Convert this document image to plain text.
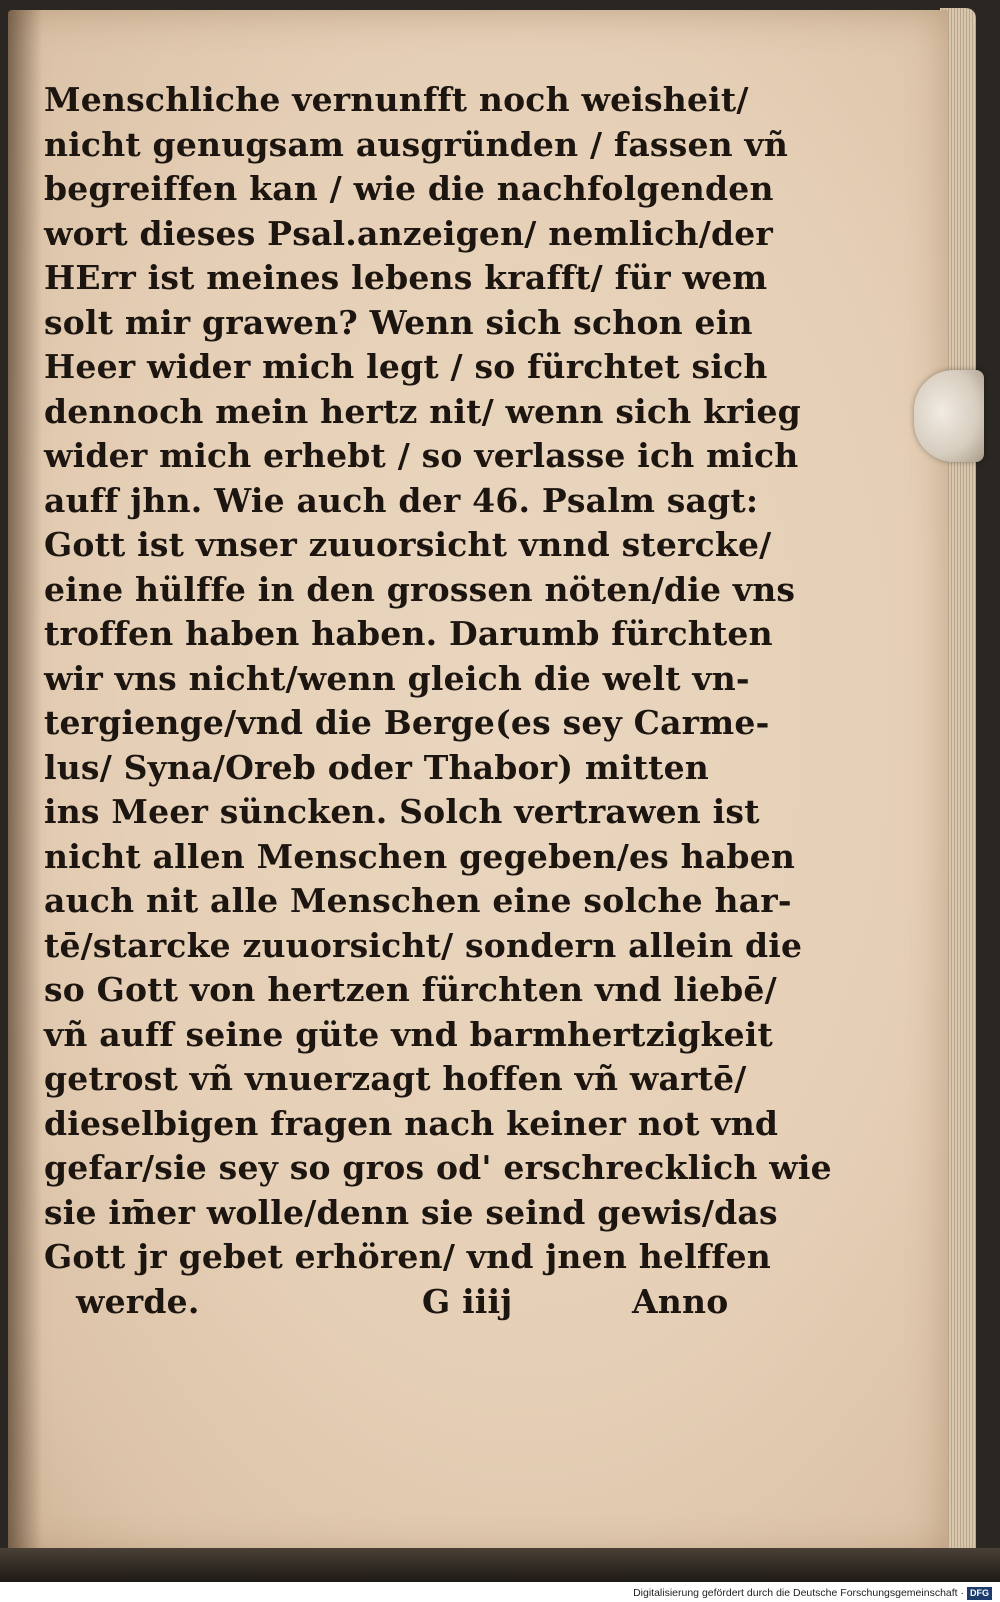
Menschliche vernunfft noch weisheit/
nicht genugsam ausgründen / fassen vñ
begreiffen kan / wie die nachfolgenden
wort dieses Psal.anzeigen/ nemlich/der
HErr ist meines lebens krafft/ für wem
solt mir grawen? Wenn sich schon ein
Heer wider mich legt / so fürchtet sich
dennoch mein hertz nit/ wenn sich krieg
wider mich erhebt / so verlasse ich mich
auff jhn. Wie auch der 46. Psalm sagt:
Gott ist vnser zuuorsicht vnnd stercke/
eine hülffe in den grossen nöten/die vns
troffen haben haben. Darumb fürchten
wir vns nicht/wenn gleich die welt vn-
tergienge/vnd die Berge(es sey Carme-
lus/ Syna/Oreb oder Thabor) mitten
ins Meer süncken. Solch vertrawen ist
nicht allen Menschen gegeben/es haben
auch nit alle Menschen eine solche har-
tē/starcke zuuorsicht/ sondern allein die
so Gott von hertzen fürchten vnd liebē/
vñ auff seine güte vnd barmhertzigkeit
getrost vñ vnuerzagt hoffen vñ wartē/
dieselbigen fragen nach keiner not vnd
gefar/sie sey so gros od' erschrecklich wie
sie im̄er wolle/denn sie seind gewis/das
Gott jr gebet erhören/ vnd jnen helffen
werde.	G iiij	Anno
Digitalisierung gefördert durch die Deutsche Forschungsgemeinschaft · DFG
